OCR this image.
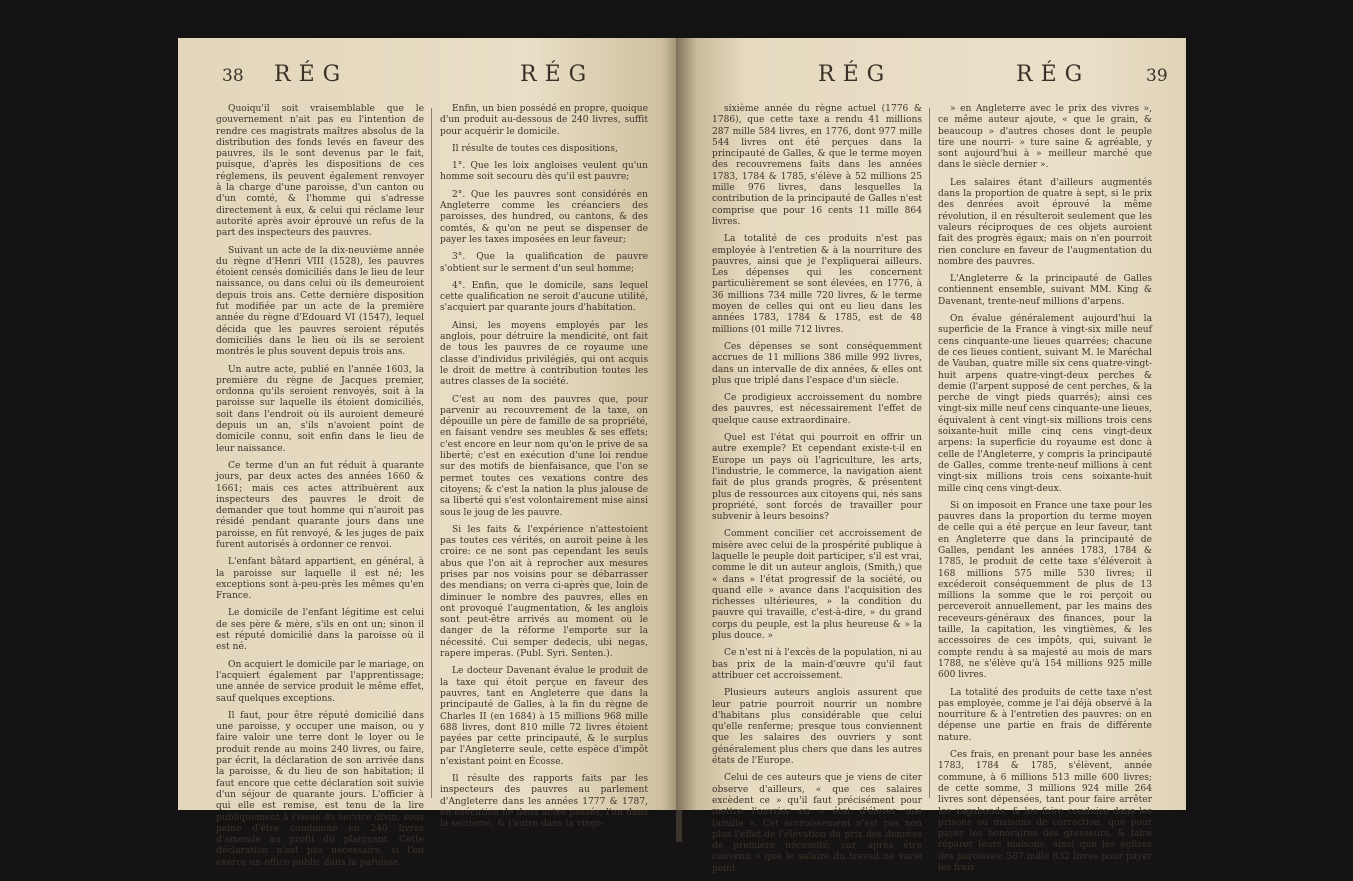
38 RÉG	RÉG

Quoiqu'il soit vraisemblable que le gouvernement n'ait pas eu l'intention de rendre ces magistrats maîtres absolus de la distribution des fonds levés en faveur des pauvres, ils le sont devenus par le fait, puisque, d'après les dispositions de ces réglemens, ils peuvent également renvoyer à la charge d'une paroisse, d'un canton ou d'un comté, & l'homme qui s'adresse directement à eux, & celui qui réclame leur autorité après avoir éprouvé un refus de la part des inspecteurs des pauvres.

Suivant un acte de la dix-neuvième année du règne d'Henri VIII (1528), les pauvres étoient censés domiciliés dans le lieu de leur naissance, ou dans celui où ils demeuroient depuis trois ans. Cette dernière disposition fut modifiée par un acte de la première année du règne d'Edouard VI (1547), lequel décida que les pauvres seroient réputés domiciliés dans le lieu où ils se seroient montrés le plus souvent depuis trois ans.

Un autre acte, publié en l'année 1603, la première du règne de Jacques premier, ordonna qu'ils seroient renvoyés, soit à la paroisse sur laquelle ils étoient domiciliés, soit dans l'endroit où ils auroient demeuré depuis un an, s'ils n'avoient point de domicile connu, soit enfin dans le lieu de leur naissance.

Ce terme d'un an fut réduit à quarante jours, par deux actes des années 1660 & 1661; mais ces actes attribuèrent aux inspecteurs des pauvres le droit de demander que tout homme qui n'auroit pas résidé pendant quarante jours dans une paroisse, en fût renvoyé, & les juges de paix furent autorisés à ordonner ce renvoi.

L'enfant bâtard appartient, en général, à la paroisse sur laquelle il est né; les exceptions sont à-peu-près les mêmes qu'en France.

Le domicile de l'enfant légitime est celui de ses père & mère, s'ils en ont un; sinon il est réputé domicilié dans la paroisse où il est né.

On acquiert le domicile par le mariage, on l'acquiert également par l'apprentissage; une année de service produit le même effet, sauf quelques exceptions.

Il faut, pour être réputé domicilié dans une paroisse, y occuper une maison, ou y faire valoir une terre dont le loyer ou le produit rende au moins 240 livres, ou faire, par écrit, la déclaration de son arrivée dans la paroisse, & du lieu de son habitation; il faut encore que cette déclaration soit suivie d'un séjour de quarante jours. L'officier à qui elle est remise, est tenu de la lire publiquement à l'issue du service divin, sous peine d'être condamné en 240 livres d'amende au profit du plaignant. Cette déclaration n'est pas nécessaire, si l'on exerce un office public dans la paroisse.

Enfin, un bien possédé en propre, quoique d'un produit au-dessous de 240 livres, suffit pour acquérir le domicile.

Il résulte de toutes ces dispositions,

1°. Que les loix angloises veulent qu'un homme soit secouru dès qu'il est pauvre;

2°. Que les pauvres sont considérés en Angleterre comme les créanciers des paroisses, des hundred, ou cantons, & des comtés, & qu'on ne peut se dispenser de payer les taxes imposées en leur faveur;

3°. Que la qualification de pauvre s'obtient sur le serment d'un seul homme;

4°. Enfin, que le domicile, sans lequel cette qualification ne seroit d'aucune utilité, s'acquiert par quarante jours d'habitation.

Ainsi, les moyens employés par les anglois, pour détruire la mendicité, ont fait de tous les pauvres de ce royaume une classe d'individus privilégiés, qui ont acquis le droit de mettre à contribution toutes les autres classes de la société.

C'est au nom des pauvres que, pour parvenir au recouvrement de la taxe, on dépouille un père de famille de sa propriété, en faisant vendre ses meubles & ses effets; c'est encore en leur nom qu'on le prive de sa liberté; c'est en exécution d'une loi rendue sur des motifs de bienfaisance, que l'on se permet toutes ces vexations contre des citoyens; & c'est la nation la plus jalouse de sa liberté qui s'est volontairement mise ainsi sous le joug de les pauvre.

Si les faits & l'expérience n'attestoient pas toutes ces vérités, on auroit peine à les croire: ce ne sont pas cependant les seuls abus que l'on ait à reprocher aux mesures prises par nos voisins pour se débarrasser des mendians; on verra ci-après que, loin de diminuer le nombre des pauvres, elles en ont provoqué l'augmentation, & les anglois sont peut-être arrivés au moment où le danger de la réforme l'emporte sur la nécessité. Cui semper dedecis, ubi negas, rapere imperas. (Publ. Syri. Senten.).

Le docteur Davenant évalue le produit de la taxe qui étoit perçue en faveur des pauvres, tant en Angleterre que dans la principauté de Galles, à la fin du règne de Charles II (en 1684) à 15 millions 968 mille 688 livres, dont 810 mille 72 livres étoient payées par cette principauté, & le surplus par l'Angleterre seule, cette espèce d'impôt n'existant point en Écosse.

Il résulte des rapports faits par les inspecteurs des pauvres au parlement d'Angleterre dans les années 1777 & 1787, en exécution de deux actes passés, l'un dans la seizième, & l'autre dans la vingt-

RÉG	RÉG	39

sixième année du règne actuel (1776 & 1786), que cette taxe a rendu 41 millions 287 mille 584 livres, en 1776, dont 977 mille 544 livres ont été perçues dans la principauté de Galles, & que le terme moyen des recouvremens faits dans les années 1783, 1784 & 1785, s'élève à 52 millions 25 mille 976 livres, dans lesquelles la contribution de la principauté de Galles n'est comprise que pour 16 cents 11 mille 864 livres.

La totalité de ces produits n'est pas employée à l'entretien & à la nourriture des pauvres, ainsi que je l'expliquerai ailleurs. Les dépenses qui les concernent particulièrement se sont élevées, en 1776, à 36 millions 734 mille 720 livres, & le terme moyen de celles qui ont eu lieu dans les années 1783, 1784 & 1785, est de 48 millions (01 mille 712 livres.

Ces dépenses se sont conséquemment accrues de 11 millions 386 mille 992 livres, dans un intervalle de dix années, & elles ont plus que triplé dans l'espace d'un siècle.

Ce prodigieux accroissement du nombre des pauvres, est nécessairement l'effet de quelque cause extraordinaire.

Quel est l'état qui pourroit en offrir un autre exemple? Et cependant existe-t-il en Europe un pays où l'agriculture, les arts, l'industrie, le commerce, la navigation aient fait de plus grands progrès, & présentent plus de ressources aux citoyens qui, nés sans propriété, sont forcés de travailler pour subvenir à leurs besoins?

Comment concilier cet accroissement de misère avec celui de la prospérité publique à laquelle le peuple doit participer, s'il est vrai, comme le dit un auteur anglois, (Smith,) que « dans » l'état progressif de la société, ou quand elle » avance dans l'acquisition des richesses ultérieures, » la condition du pauvre qui travaille, c'est-à-dire, » du grand corps du peuple, est la plus heureuse & » la plus douce. »

Ce n'est ni à l'excès de la population, ni au bas prix de la main-d'œuvre qu'il faut attribuer cet accroissement.

Plusieurs auteurs anglois assurent que leur patrie pourroit nourrir un nombre d'habitans plus considérable que celui qu'elle renferme; presque tous conviennent que les salaires des ouvriers y sont généralement plus chers que dans les autres états de l'Europe.

Celui de ces auteurs que je viens de citer observe d'ailleurs, « que ces salaires excèdent ce » qu'il faut précisément pour mettre l'ouvrier en » état d'élever une famille ». Cet accroissement n'est pas non plus l'effet de l'élévation du prix des denrées de première nécessité; car, après être convenu « que le salaire du travail ne varie point

» en Angleterre avec le prix des vivres », ce même auteur ajoute, « que le grain, & beaucoup » d'autres choses dont le peuple tire une nourri- » ture saine & agréable, y sont aujourd'hui à » meilleur marché que dans le siècle dernier ».

Les salaires étant d'ailleurs augmentés dans la proportion de quatre à sept, si le prix des denrées avoit éprouvé la même révolution, il en résulteroit seulement que les valeurs réciproques de ces objets auroient fait des progrès égaux; mais on n'en pourroit rien conclure en faveur de l'augmentation du nombre des pauvres.

L'Angleterre & la principauté de Galles contiennent ensemble, suivant MM. King & Davenant, trente-neuf millions d'arpens.

On évalue généralement aujourd'hui la superficie de la France à vingt-six mille neuf cens cinquante-une lieues quarrées; chacune de ces lieues contient, suivant M. le Maréchal de Vauban, quatre mille six cens quatre-vingt-huit arpens quatre-vingt-deux perches & demie (l'arpent supposé de cent perches, & la perche de vingt pieds quarrés); ainsi ces vingt-six mille neuf cens cinquante-une lieues, équivalent à cent vingt-six millions trois cens soixante-huit mille cinq cens vingt-deux arpens: la superficie du royaume est donc à celle de l'Angleterre, y compris la principauté de Galles, comme trente-neuf millions à cent vingt-six millions trois cens soixante-huit mille cinq cens vingt-deux.

Si on imposoit en France une taxe pour les pauvres dans la proportion du terme moyen de celle qui a été perçue en leur faveur, tant en Angleterre que dans la principauté de Galles, pendant les années 1783, 1784 & 1785, le produit de cette taxe s'éléveroit à 168 millions 575 mille 530 livres; il excéderoit conséquemment de plus de 13 millions la somme que le roi perçoit ou perceveroit annuellement, par les mains des receveurs-généraux des finances, pour la taille, la capitation, les vingtièmes, & les accessoires de ces impôts, qui, suivant le compte rendu à sa majesté au mois de mars 1788, ne s'élève qu'à 154 millions 925 mille 600 livres.

La totalité des produits de cette taxe n'est pas employée, comme je l'ai déjà observé à la nourriture & à l'entretien des pauvres: on en dépense une partie en frais de différente nature.

Ces frais, en prenant pour base les années 1783, 1784 & 1785, s'élèvent, année commune, à 6 millions 513 mille 600 livres; de cette somme, 3 millions 924 mille 264 livres sont dépensées, tant pour faire arrêter les vagabonds, & les faire conduire dans les prisons ou maisons de correction, que pour payer les honoraires des gresseurs, & faire réparer leurs maisons, ainsi que les églises des paroisses; 587 mille 832 livres pour payer les frais
